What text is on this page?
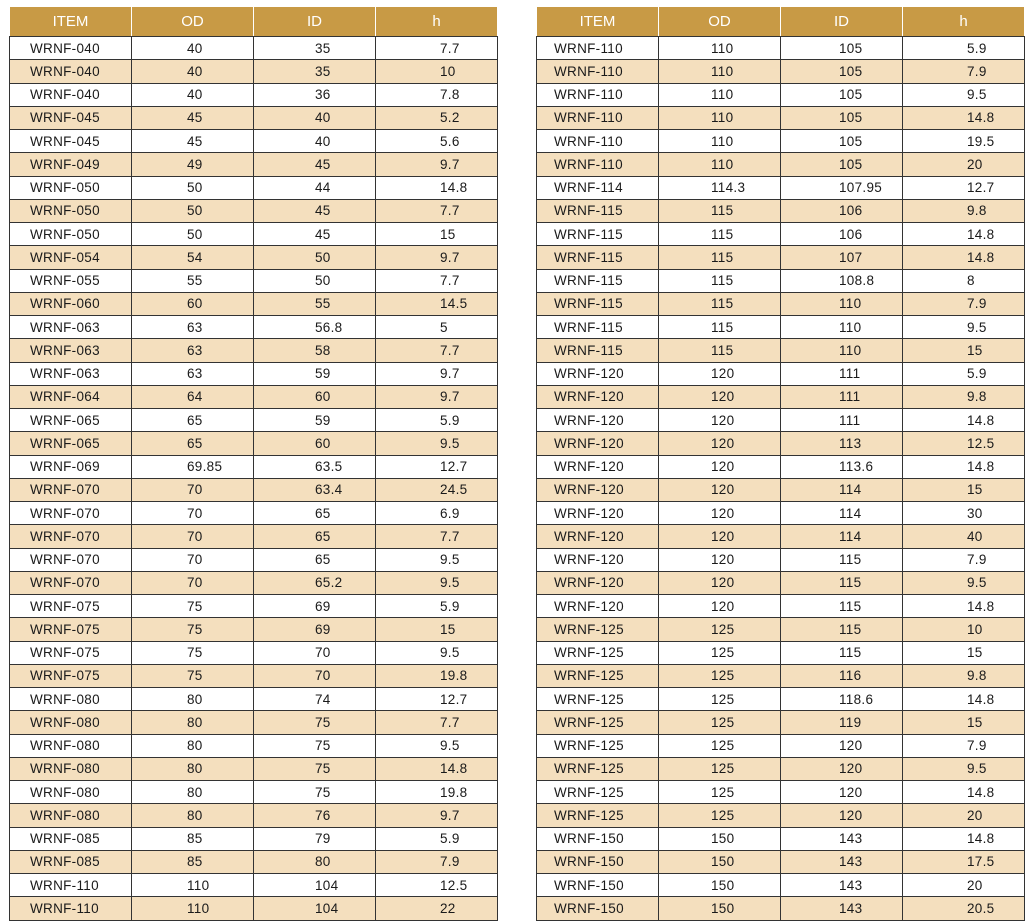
ITEM	OD	ID	h
WRNF-040	40	35	7.7
WRNF-040	40	35	10
WRNF-040	40	36	7.8
WRNF-045	45	40	5.2
WRNF-045	45	40	5.6
WRNF-049	49	45	9.7
WRNF-050	50	44	14.8
WRNF-050	50	45	7.7
WRNF-050	50	45	15
WRNF-054	54	50	9.7
WRNF-055	55	50	7.7
WRNF-060	60	55	14.5
WRNF-063	63	56.8	5
WRNF-063	63	58	7.7
WRNF-063	63	59	9.7
WRNF-064	64	60	9.7
WRNF-065	65	59	5.9
WRNF-065	65	60	9.5
WRNF-069	69.85	63.5	12.7
WRNF-070	70	63.4	24.5
WRNF-070	70	65	6.9
WRNF-070	70	65	7.7
WRNF-070	70	65	9.5
WRNF-070	70	65.2	9.5
WRNF-075	75	69	5.9
WRNF-075	75	69	15
WRNF-075	75	70	9.5
WRNF-075	75	70	19.8
WRNF-080	80	74	12.7
WRNF-080	80	75	7.7
WRNF-080	80	75	9.5
WRNF-080	80	75	14.8
WRNF-080	80	75	19.8
WRNF-080	80	76	9.7
WRNF-085	85	79	5.9
WRNF-085	85	80	7.9
WRNF-110	110	104	12.5
WRNF-110	110	104	22
ITEM	OD	ID	h
WRNF-110	110	105	5.9
WRNF-110	110	105	7.9
WRNF-110	110	105	9.5
WRNF-110	110	105	14.8
WRNF-110	110	105	19.5
WRNF-110	110	105	20
WRNF-114	114.3	107.95	12.7
WRNF-115	115	106	9.8
WRNF-115	115	106	14.8
WRNF-115	115	107	14.8
WRNF-115	115	108.8	8
WRNF-115	115	110	7.9
WRNF-115	115	110	9.5
WRNF-115	115	110	15
WRNF-120	120	111	5.9
WRNF-120	120	111	9.8
WRNF-120	120	111	14.8
WRNF-120	120	113	12.5
WRNF-120	120	113.6	14.8
WRNF-120	120	114	15
WRNF-120	120	114	30
WRNF-120	120	114	40
WRNF-120	120	115	7.9
WRNF-120	120	115	9.5
WRNF-120	120	115	14.8
WRNF-125	125	115	10
WRNF-125	125	115	15
WRNF-125	125	116	9.8
WRNF-125	125	118.6	14.8
WRNF-125	125	119	15
WRNF-125	125	120	7.9
WRNF-125	125	120	9.5
WRNF-125	125	120	14.8
WRNF-125	125	120	20
WRNF-150	150	143	14.8
WRNF-150	150	143	17.5
WRNF-150	150	143	20
WRNF-150	150	143	20.5
